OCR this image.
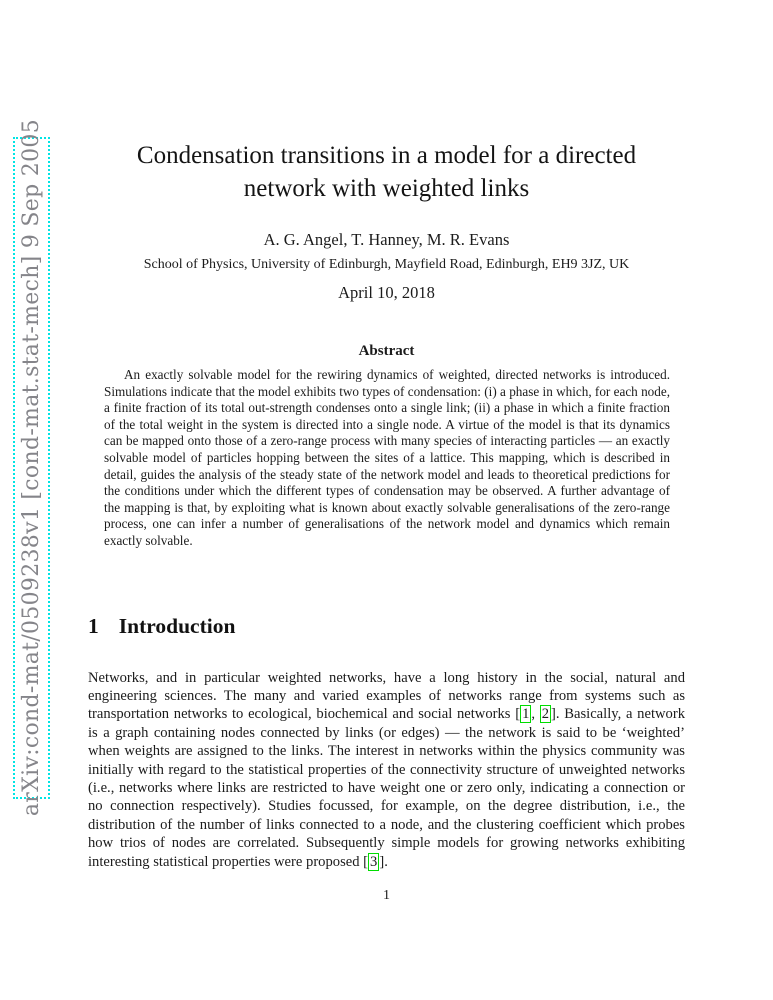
arXiv:cond-mat/0509238v1 [cond-mat.stat-mech] 9 Sep 2005	Condensation transitions in a model for a directed
network with weighted links
A. G. Angel, T. Hanney, M. R. Evans
School of Physics, University of Edinburgh, Mayfield Road, Edinburgh, EH9 3JZ, UK
April 10, 2018
Abstract
An exactly solvable model for the rewiring dynamics of weighted, directed networks is introduced. Simulations indicate that the model exhibits two types of condensation: (i) a phase in which, for each node, a finite fraction of its total out-strength condenses onto a single link; (ii) a phase in which a finite fraction of the total weight in the system is directed into a single node. A virtue of the model is that its dynamics can be mapped onto those of a zero-range process with many species of interacting particles — an exactly solvable model of particles hopping between the sites of a lattice. This mapping, which is described in detail, guides the analysis of the steady state of the network model and leads to theoretical predictions for the conditions under which the different types of condensation may be observed. A further advantage of the mapping is that, by exploiting what is known about exactly solvable generalisations of the zero-range process, one can infer a number of generalisations of the network model and dynamics which remain exactly solvable.
1 Introduction

Networks, and in particular weighted networks, have a long history in the social, natural and engineering sciences. The many and varied examples of networks range from systems such as transportation networks to ecological, biochemical and social networks [ 1 , 2 ]. Basically, a network is a graph containing nodes connected by links (or edges) — the network is said to be ‘weighted’ when weights are assigned to the links. The interest in networks within the physics community was initially with regard to the statistical properties of the connectivity structure of unweighted networks (i.e., networks where links are restricted to have weight one or zero only, indicating a connection or no connection respectively). Studies focussed, for example, on the degree distribution, i.e., the distribution of the number of links connected to a node, and the clustering coefficient which probes how trios of nodes are correlated. Subsequently simple models for growing networks exhibiting interesting statistical properties were proposed [ 3 ].

1
